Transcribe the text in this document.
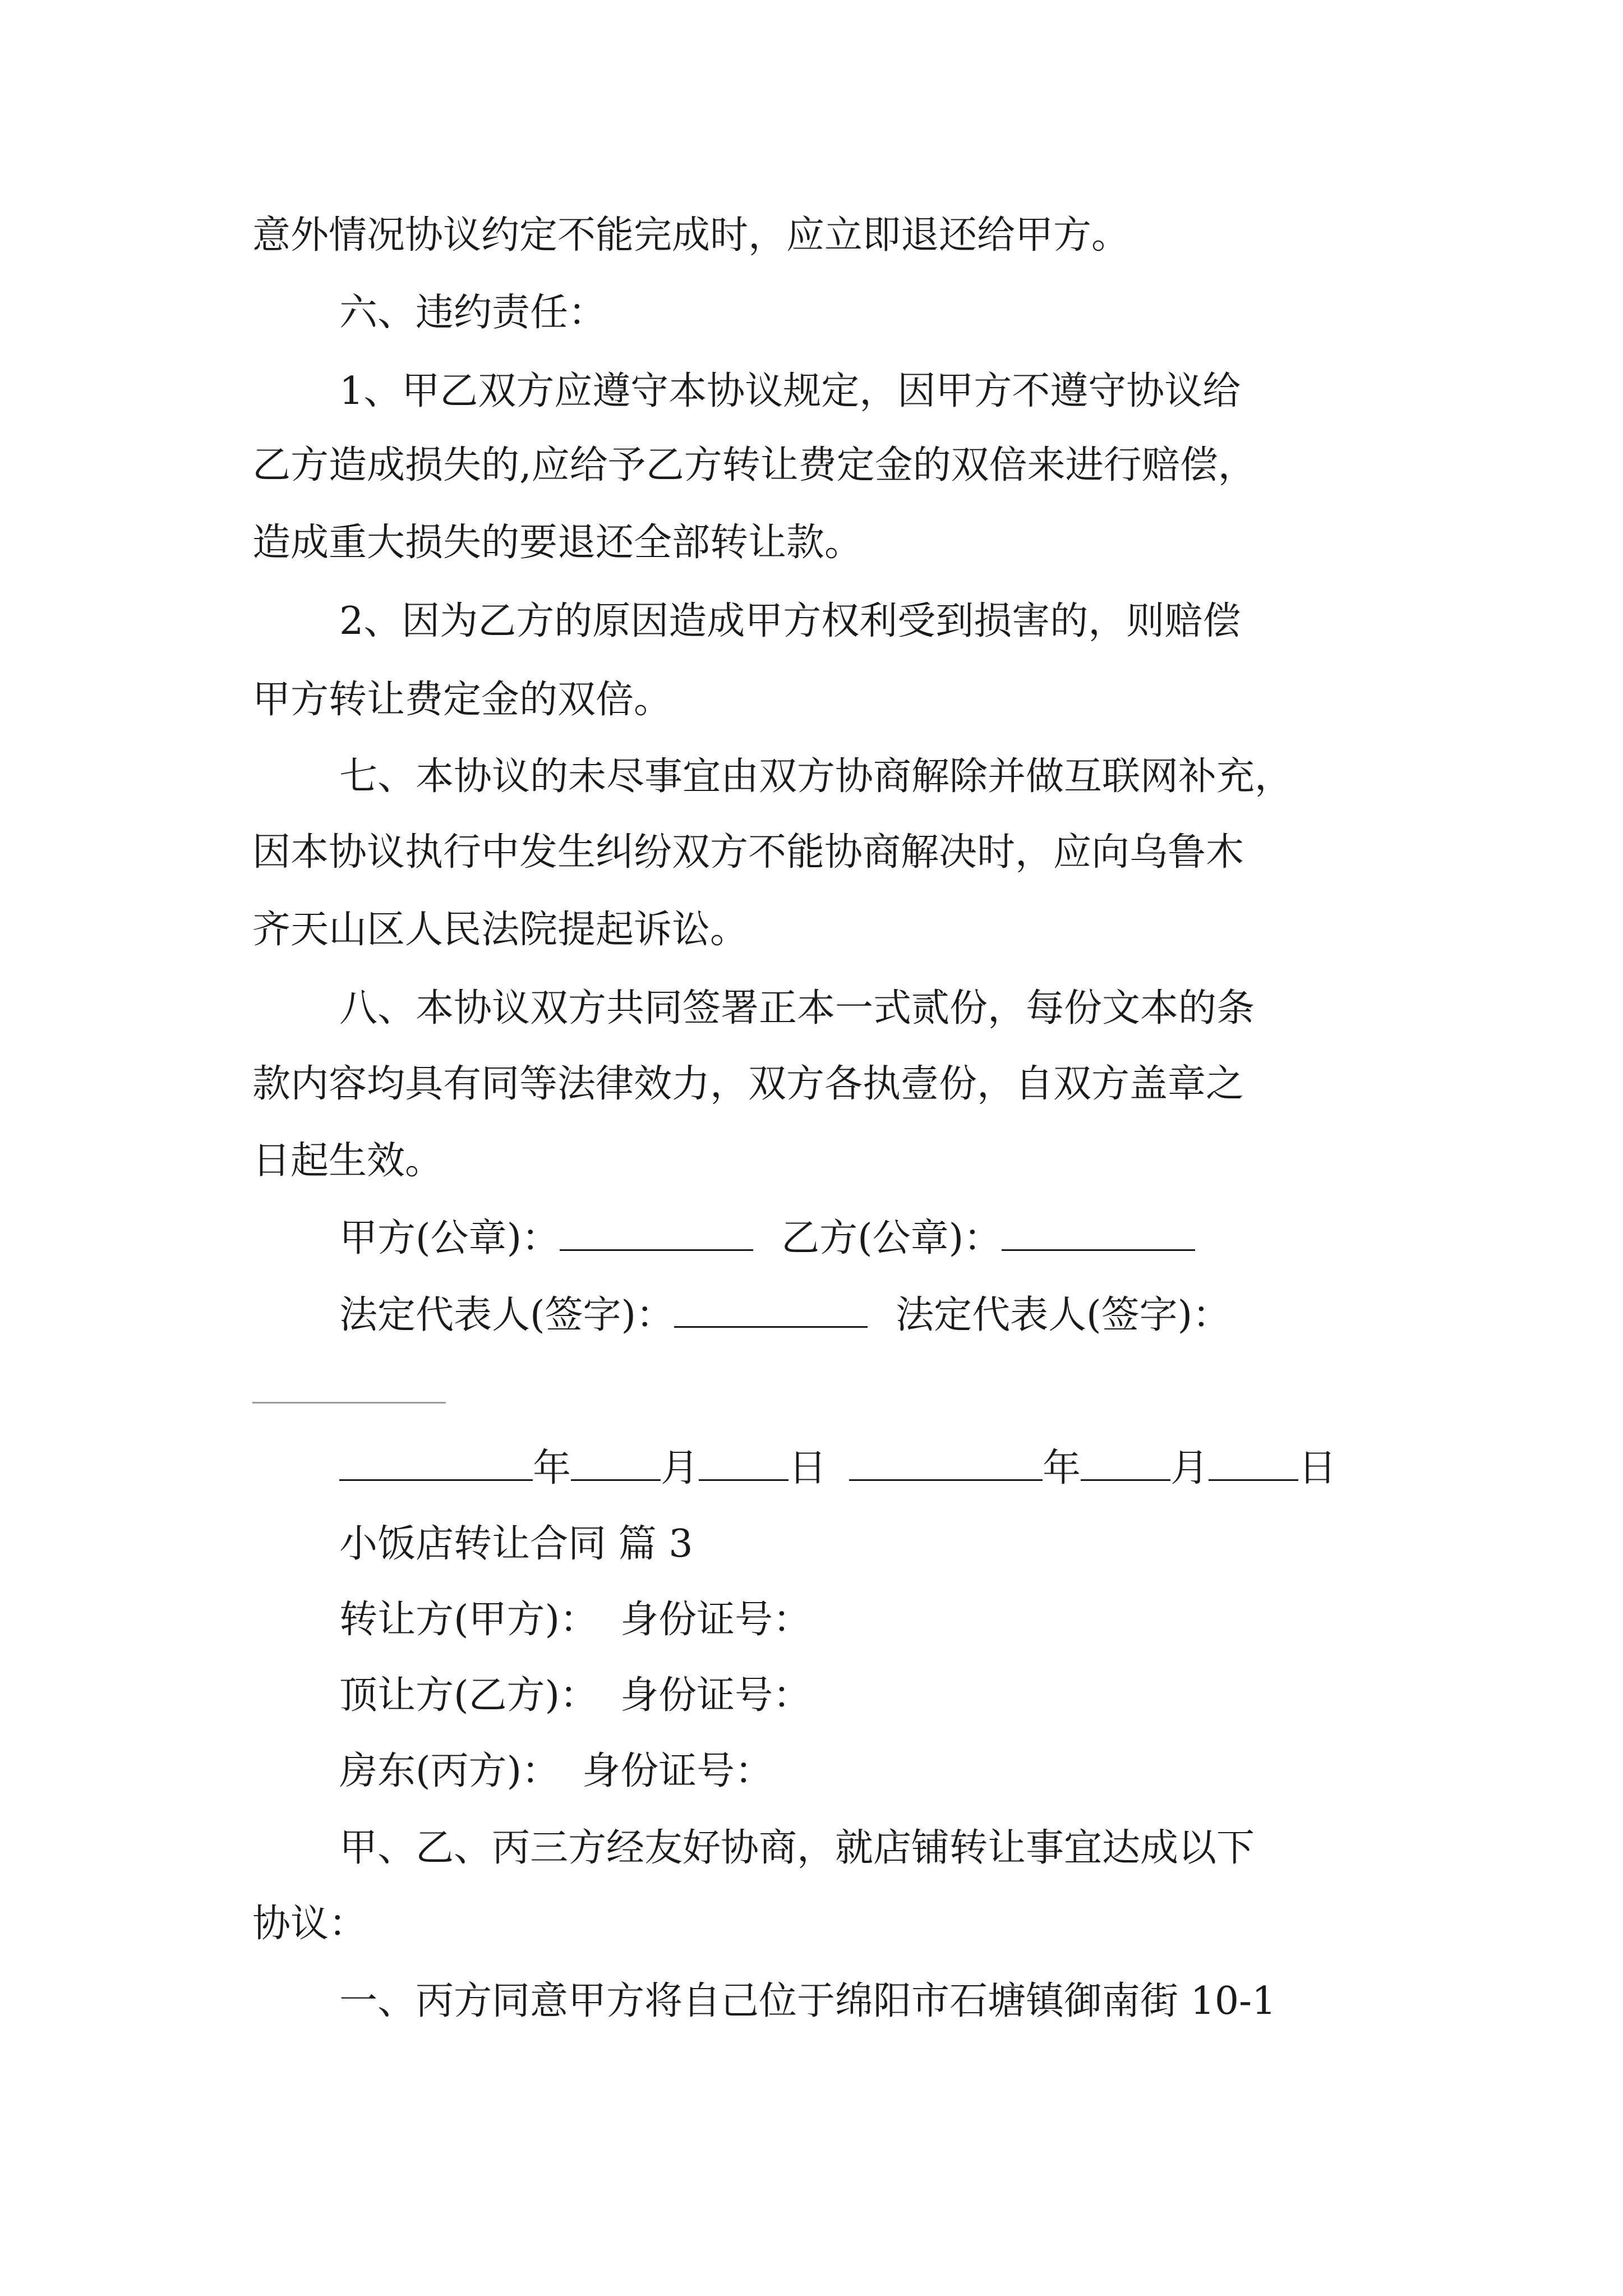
意外情况协议约定不能完成时，应立即退还给甲方。
六、违约责任：
1、甲乙双方应遵守本协议规定，因甲方不遵守协议给
乙方造成损失的,应给予乙方转让费定金的双倍来进行赔偿，
造成重大损失的要退还全部转让款。
2、因为乙方的原因造成甲方权利受到损害的，则赔偿
甲方转让费定金的双倍。
七、本协议的未尽事宜由双方协商解除并做互联网补充，
因本协议执行中发生纠纷双方不能协商解决时，应向乌鲁木
齐天山区人民法院提起诉讼。
八、本协议双方共同签署正本一式贰份，每份文本的条
款内容均具有同等法律效力，双方各执壹份，自双方盖章之
日起生效。
甲方(公章)：	乙方(公章)：
法定代表人(签字)：	法定代表人(签字)：
年 月 日	年 月 日
小饭店转让合同 篇 3
转让方(甲方)： 身份证号：
顶让方(乙方)： 身份证号：
房东(丙方)： 身份证号：
甲、乙、丙三方经友好协商，就店铺转让事宜达成以下
协议：
一、丙方同意甲方将自己位于绵阳市石塘镇御南街 10-1
